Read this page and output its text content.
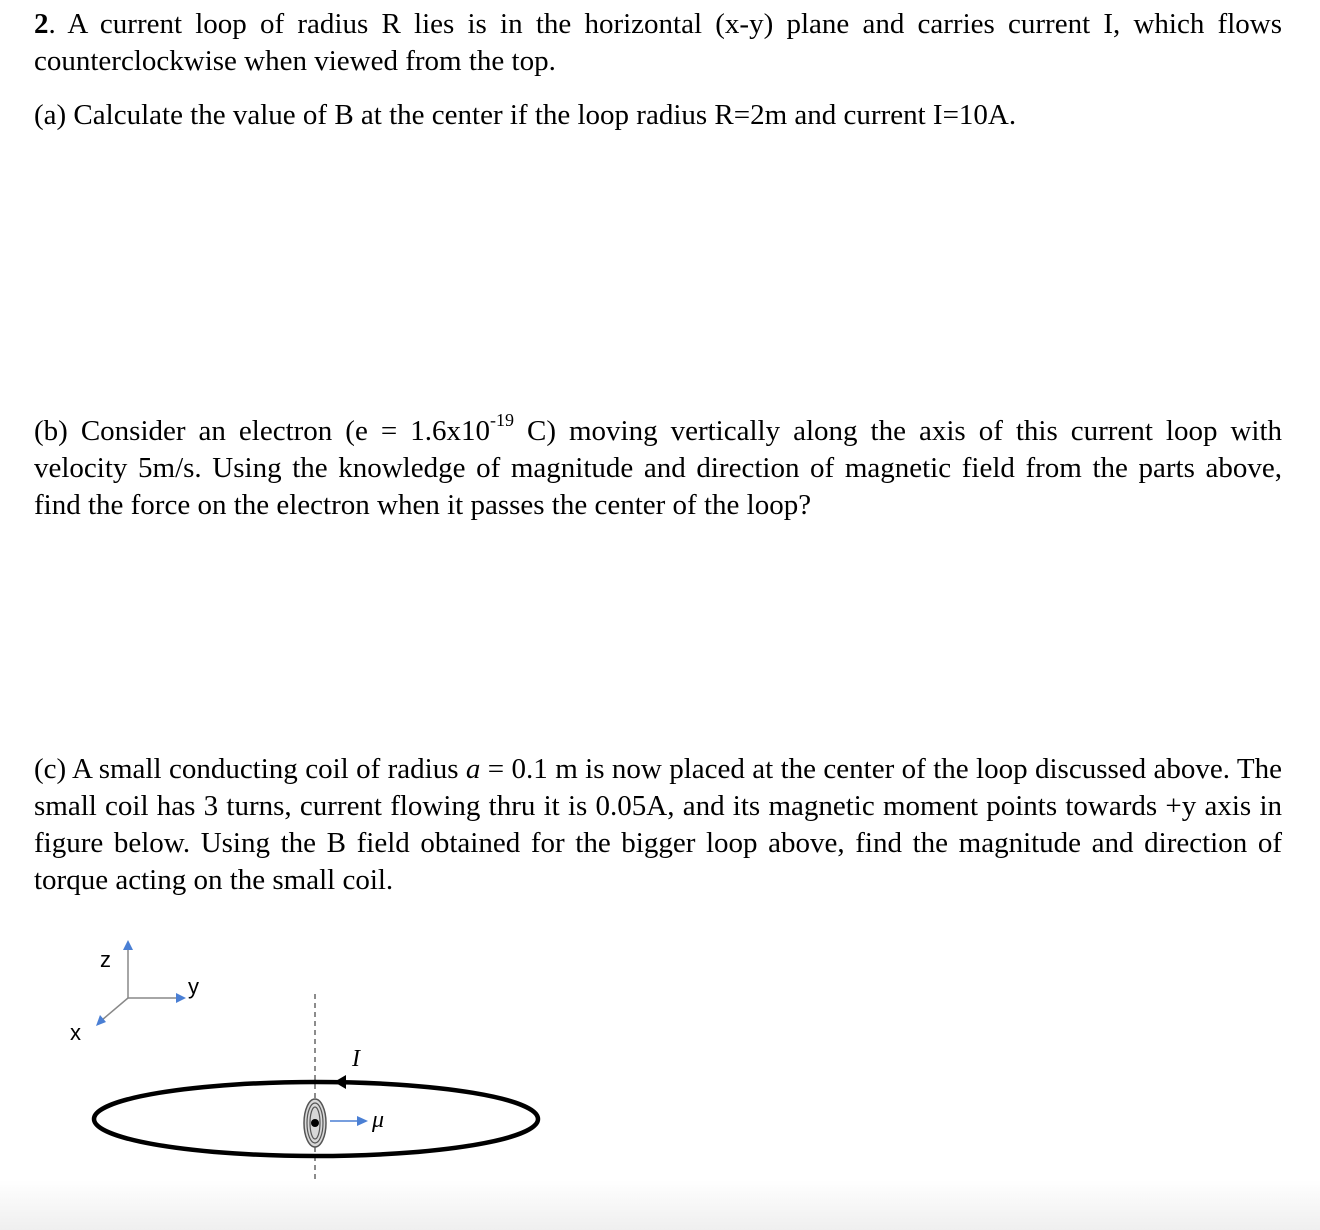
2. A current loop of radius R lies is in the horizontal (x-y) plane and carries current I, which flows counterclockwise when viewed from the top.

(a) Calculate the value of B at the center if the loop radius R=2m and current I=10A.

(b) Consider an electron ($e = 1.6x10^{-19}$ C) moving vertically along the axis of this current loop with velocity 5m/s. Using the knowledge of magnitude and direction of magnetic field from the parts above, find the force on the electron when it passes the center of the loop?

(c) A small conducting coil of radius a = 0.1 m is now placed at the center of the loop discussed above. The small coil has 3 turns, current flowing thru it is 0.05A, and its magnetic moment points towards +y axis in figure below. Using the B field obtained for the bigger loop above, find the magnitude and direction of torque acting on the small coil.

z
y
x
I
μ
